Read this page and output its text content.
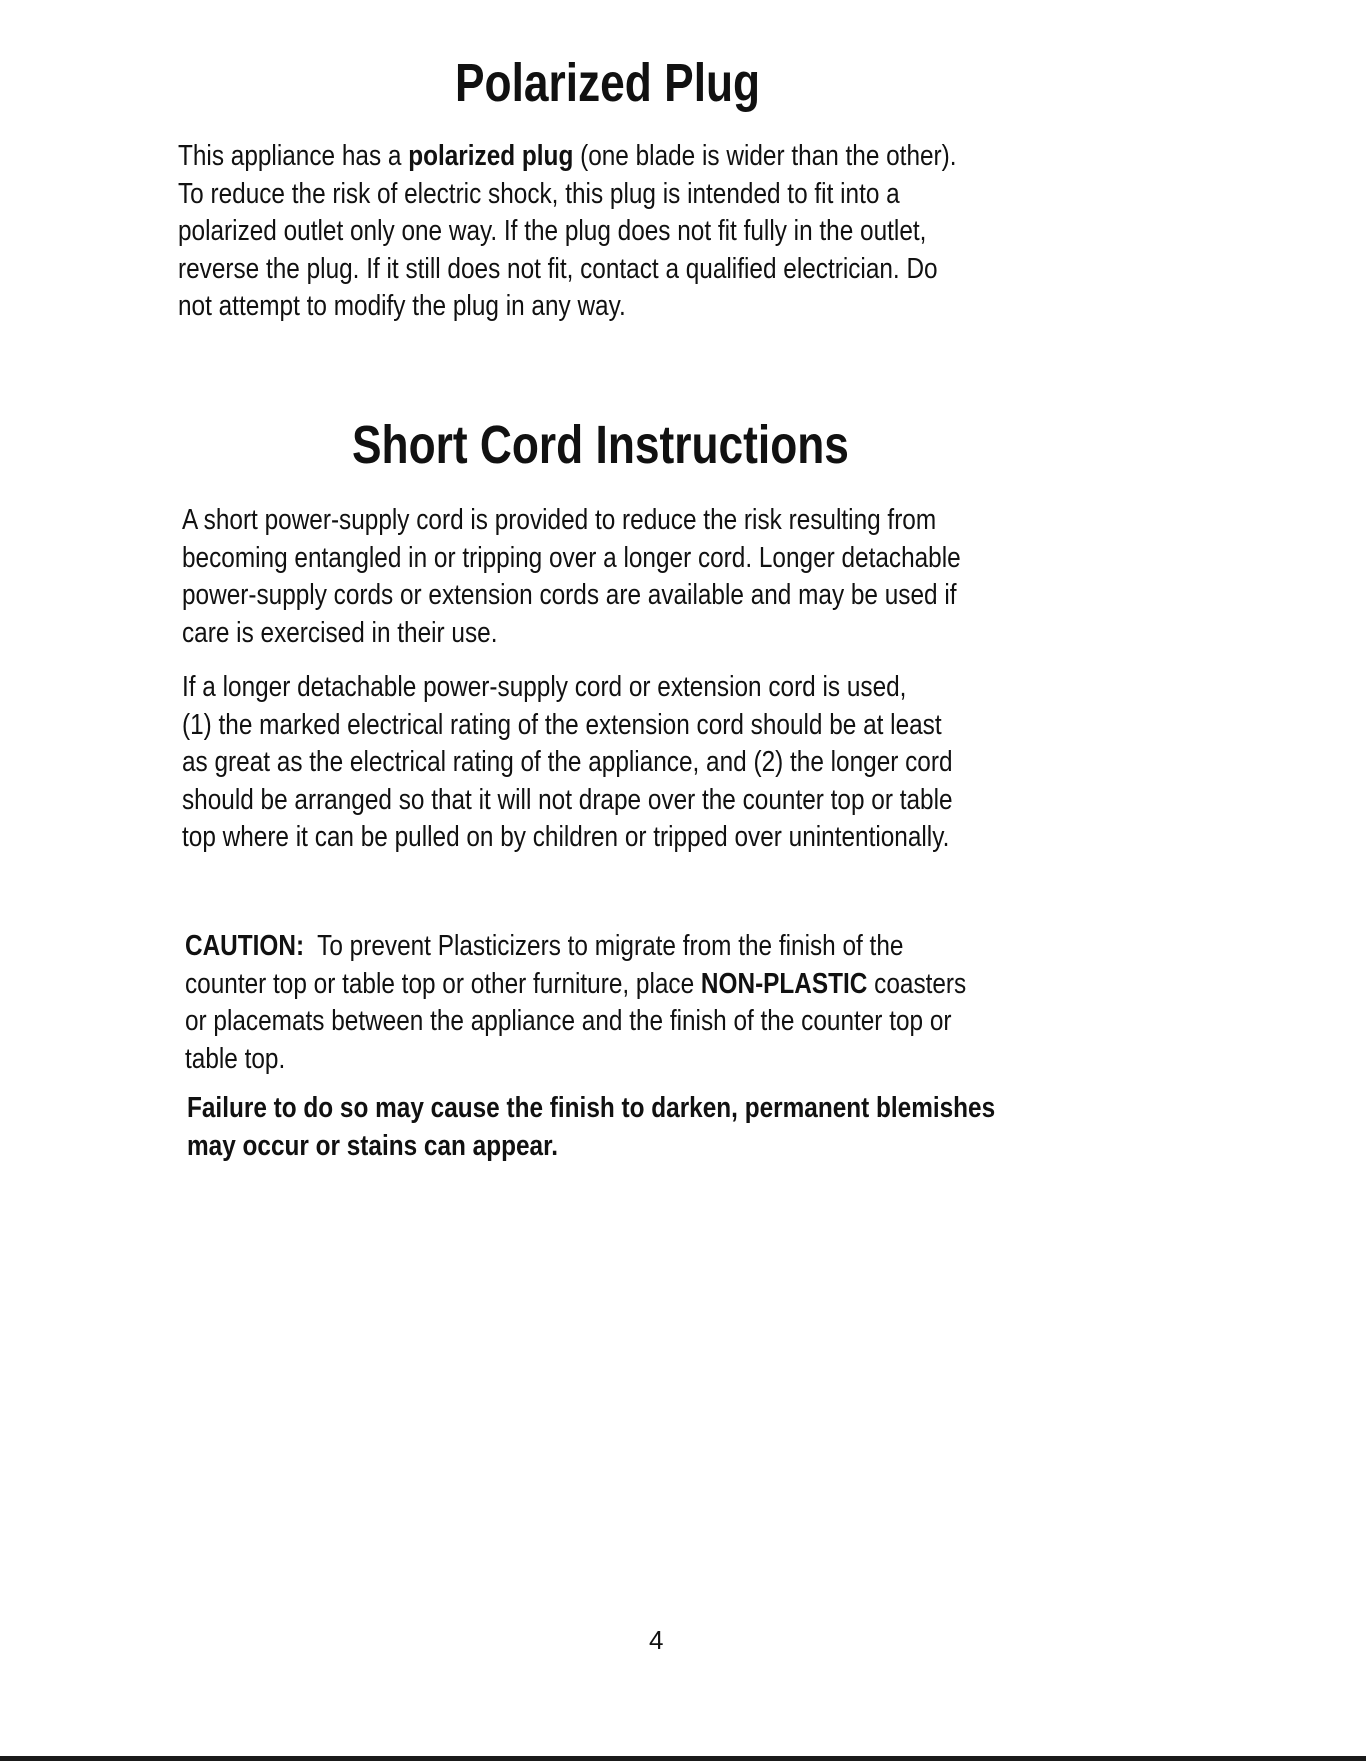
Polarized Plug

This appliance has a polarized plug (one blade is wider than the other).
To reduce the risk of electric shock, this plug is intended to fit into a
polarized outlet only one way. If the plug does not fit fully in the outlet,
reverse the plug. If it still does not fit, contact a qualified electrician. Do
not attempt to modify the plug in any way.

Short Cord Instructions

A short power-supply cord is provided to reduce the risk resulting from
becoming entangled in or tripping over a longer cord. Longer detachable
power-supply cords or extension cords are available and may be used if
care is exercised in their use.

If a longer detachable power-supply cord or extension cord is used,
(1) the marked electrical rating of the extension cord should be at least
as great as the electrical rating of the appliance, and (2) the longer cord
should be arranged so that it will not drape over the counter top or table
top where it can be pulled on by children or tripped over unintentionally.

CAUTION:  To prevent Plasticizers to migrate from the finish of the
counter top or table top or other furniture, place NON-PLASTIC coasters
or placemats between the appliance and the finish of the counter top or
table top.

Failure to do so may cause the finish to darken, permanent blemishes
may occur or stains can appear.

4
